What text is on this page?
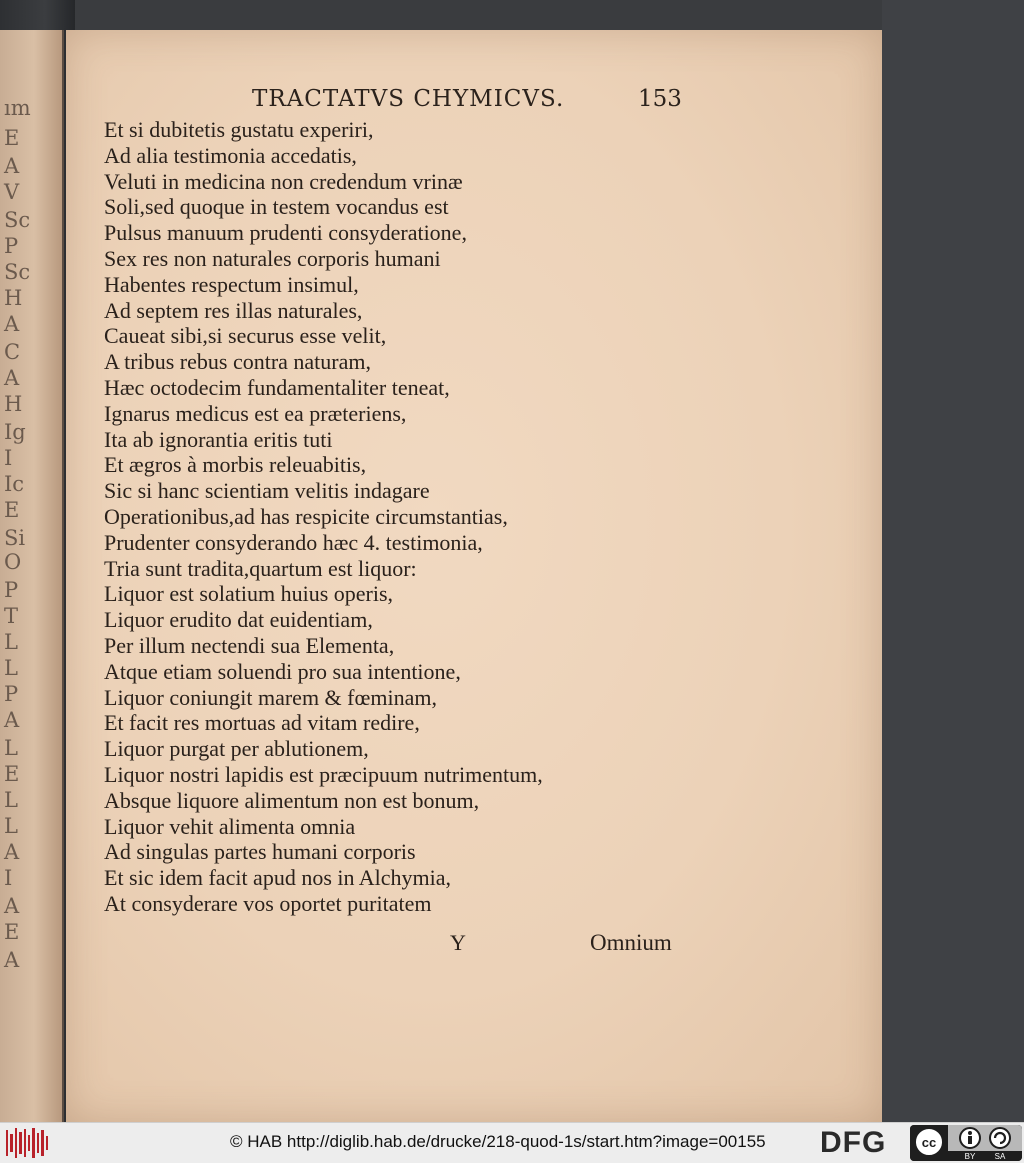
ım
E
A
V
Sc
P
Sc
H
A
C
A
H
Ig
I
Ic
E
Si
O
P
T
L
L
P
A
L
E
L
L
A
I
A
E
A
TRACTATVS CHYMICVS.	153
Et si dubitetis gustatu experiri,
Ad alia testimonia accedatis,
Veluti in medicina non credendum vrinæ
Soli,sed quoque in testem vocandus est
Pulsus manuum prudenti consyderatione,
Sex res non naturales corporis humani
Habentes respectum insimul,
Ad septem res illas naturales,
Caueat sibi,si securus esse velit,
A tribus rebus contra naturam,
Hæc octodecim fundamentaliter teneat,
Ignarus medicus est ea præteriens,
Ita ab ignorantia eritis tuti
Et ægros à morbis releuabitis,
Sic si hanc scientiam velitis indagare
Operationibus,ad has respicite circumstantias,
Prudenter consyderando hæc 4. testimonia,
Tria sunt tradita,quartum est liquor:
Liquor est solatium huius operis,
Liquor erudito dat euidentiam,
Per illum nectendi sua Elementa,
Atque etiam soluendi pro sua intentione,
Liquor coniungit marem & fœminam,
Et facit res mortuas ad vitam redire,
Liquor purgat per ablutionem,
Liquor nostri lapidis est præcipuum nutrimentum,
Absque liquore alimentum non est bonum,
Liquor vehit alimenta omnia
Ad singulas partes humani corporis
Et sic idem facit apud nos in Alchymia,
At consyderare vos oportet puritatem
Y	Omnium
© HAB http://diglib.hab.de/drucke/218-quod-1s/start.htm?image=00155 DFG	cc
BY SA
